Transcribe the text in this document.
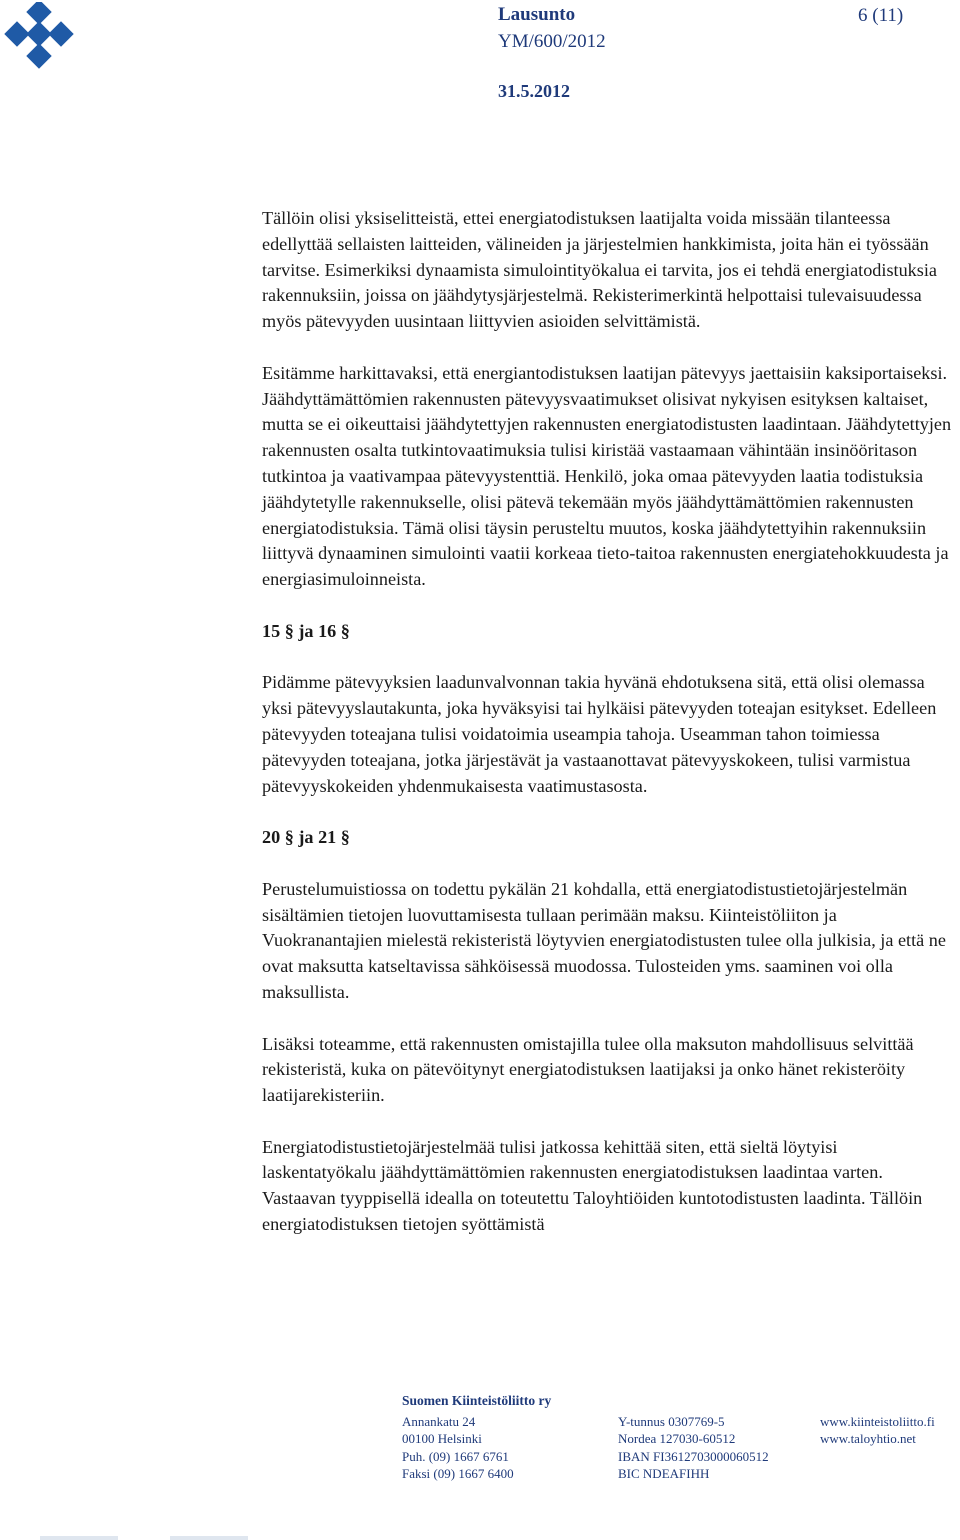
Lausunto	6 (11)
YM/600/2012
31.5.2012

Tällöin olisi yksiselitteistä, ettei energiatodistuksen laatijalta voida missään tilanteessa edellyttää sellaisten laitteiden, välineiden ja järjestelmien hankkimista, joita hän ei työssään tarvitse. Esimerkiksi dynaamista simulointityökalua ei tarvita, jos ei tehdä energiatodistuksia rakennuksiin, joissa on jäähdytysjärjestelmä. Rekisterimerkintä helpottaisi tulevaisuudessa myös pätevyyden uusintaan liittyvien asioiden selvittämistä.

Esitämme harkittavaksi, että energiantodistuksen laatijan pätevyys jaettaisiin kaksiportaiseksi. Jäähdyttämättömien rakennusten pätevyysvaatimukset olisivat nykyisen esityksen kaltaiset, mutta se ei oikeuttaisi jäähdytettyjen rakennusten energiatodistusten laadintaan. Jäähdytettyjen rakennusten osalta tutkintovaatimuksia tulisi kiristää vastaamaan vähintään insinööritason tutkintoa ja vaativampaa pätevyystenttiä. Henkilö, joka omaa pätevyyden laatia todistuksia jäähdytetylle rakennukselle, olisi pätevä tekemään myös jäähdyttämättömien rakennusten energiatodistuksia. Tämä olisi täysin perusteltu muutos, koska jäähdytettyihin rakennuksiin liittyvä dynaaminen simulointi vaatii korkeaa tieto-taitoa rakennusten energiatehokkuudesta ja energiasimuloinneista.

15 § ja 16 §

Pidämme pätevyyksien laadunvalvonnan takia hyvänä ehdotuksena sitä, että olisi olemassa yksi pätevyyslautakunta, joka hyväksyisi tai hylkäisi pätevyyden toteajan esitykset. Edelleen pätevyyden toteajana tulisi voidatoimia useampia tahoja. Useamman tahon toimiessa pätevyyden toteajana, jotka järjestävät ja vastaanottavat pätevyyskokeen, tulisi varmistua pätevyyskokeiden yhdenmukaisesta vaatimustasosta.

20 § ja 21 §

Perustelumuistiossa on todettu pykälän 21 kohdalla, että energiatodistustietojärjestelmän sisältämien tietojen luovuttamisesta tullaan perimään maksu. Kiinteistöliiton ja Vuokranantajien mielestä rekisteristä löytyvien energiatodistusten tulee olla julkisia, ja että ne ovat maksutta katseltavissa sähköisessä muodossa. Tulosteiden yms. saaminen voi olla maksullista.

Lisäksi toteamme, että rakennusten omistajilla tulee olla maksuton mahdollisuus selvittää rekisteristä, kuka on pätevöitynyt energiatodistuksen laatijaksi ja onko hänet rekisteröity laatijarekisteriin.

Energiatodistustietojärjestelmää tulisi jatkossa kehittää siten, että sieltä löytyisi laskentatyökalu jäähdyttämättömien rakennusten energiatodistuksen laadintaa varten. Vastaavan tyyppisellä idealla on toteutettu Taloyhtiöiden kuntotodistusten laadinta. Tällöin energiatodistuksen tietojen syöttämistä

Suomen Kiinteistöliitto ry
Annankatu 24
00100 Helsinki
Puh. (09) 1667 6761
Faksi (09) 1667 6400
Y-tunnus 0307769-5
Nordea 127030-60512
IBAN FI3612703000060512
BIC NDEAFIHH
www.kiinteistoliitto.fi
www.taloyhtio.net
